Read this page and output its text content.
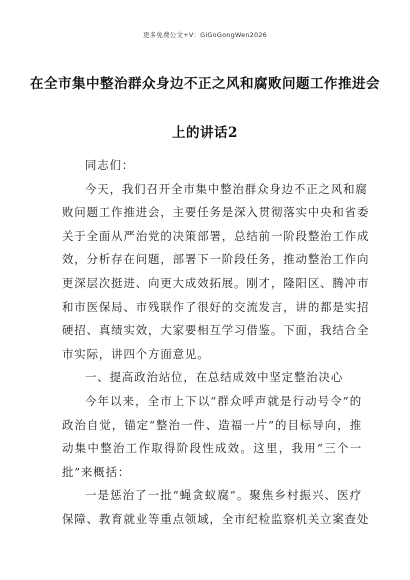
更多免费公文+V：GiGoGongWen2026
在全市集中整治群众身边不正之风和腐败问题工作推进会
上的讲话2
同志们：
今天，我们召开全市集中整治群众身边不正之风和腐
败问题工作推进会，主要任务是深入贯彻落实中央和省委
关于全面从严治党的决策部署，总结前一阶段整治工作成
效，分析存在问题，部署下一阶段任务，推动整治工作向
更深层次挺进、向更大成效拓展。刚才，隆阳区、腾冲市
和市医保局、市残联作了很好的交流发言，讲的都是实招
硬招、真绩实效，大家要相互学习借鉴。下面，我结合全
市实际，讲四个方面意见。
一、提高政治站位，在总结成效中坚定整治决心
今年以来，全市上下以“群众呼声就是行动号令”的
政治自觉，锚定“整治一件、造福一片”的目标导向，推
动集中整治工作取得阶段性成效。这里，我用“三个一
批”来概括：
一是惩治了一批“蝇贪蚁腐”。聚焦乡村振兴、医疗
保障、教育就业等重点领域，全市纪检监察机关立案查处
